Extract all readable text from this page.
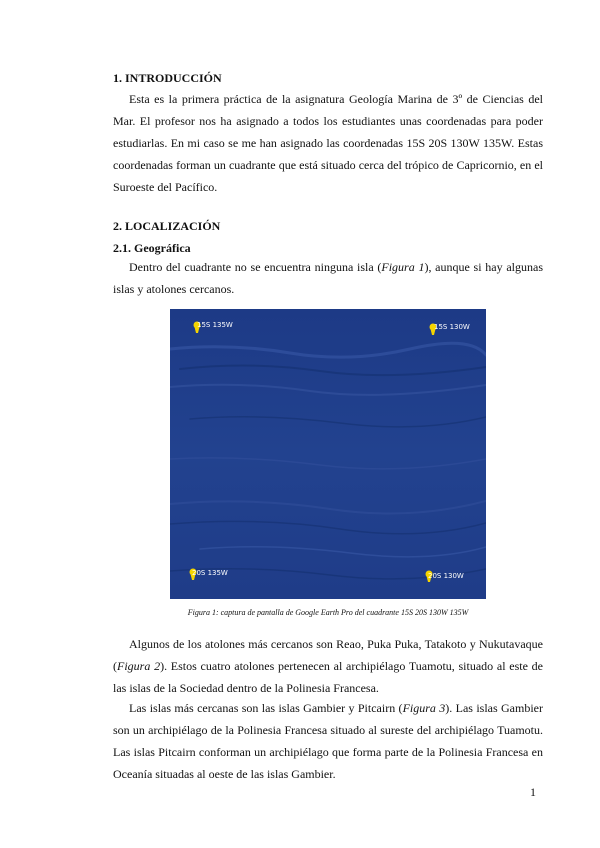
1. INTRODUCCIÓN

Esta es la primera práctica de la asignatura Geología Marina de 3º de Ciencias del Mar. El profesor nos ha asignado a todos los estudiantes unas coordenadas para poder estudiarlas. En mi caso se me han asignado las coordenadas 15S 20S 130W 135W. Estas coordenadas forman un cuadrante que está situado cerca del trópico de Capricornio, en el Suroeste del Pacífico.

2. LOCALIZACIÓN
2.1. Geográfica

Dentro del cuadrante no se encuentra ninguna isla (Figura 1), aunque si hay algunas islas y atolones cercanos.

15S 135W	15S 130W
20S 135W	20S 130W
Figura 1: captura de pantalla de Google Earth Pro del cuadrante 15S 20S 130W 135W

Algunos de los atolones más cercanos son Reao, Puka Puka, Tatakoto y Nukutavaque (Figura 2). Estos cuatro atolones pertenecen al archipiélago Tuamotu, situado al este de las islas de la Sociedad dentro de la Polinesia Francesa.

Las islas más cercanas son las islas Gambier y Pitcairn (Figura 3). Las islas Gambier son un archipiélago de la Polinesia Francesa situado al sureste del archipiélago Tuamotu. Las islas Pitcairn conforman un archipiélago que forma parte de la Polinesia Francesa en Oceanía situadas al oeste de las islas Gambier.

1
